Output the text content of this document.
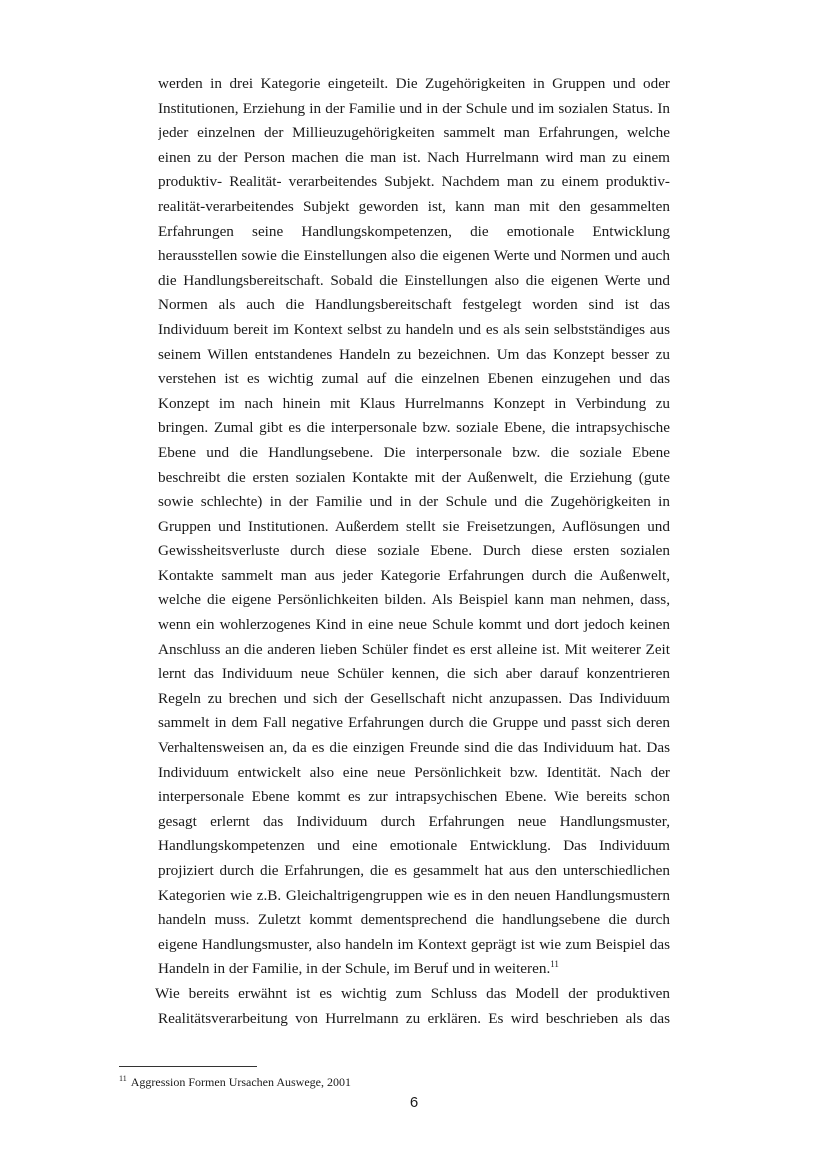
werden in drei Kategorie eingeteilt. Die Zugehörigkeiten in Gruppen und oder
Institutionen, Erziehung in der Familie und in der Schule und im sozialen Status. In
jeder einzelnen der Millieuzugehörigkeiten sammelt man Erfahrungen, welche
einen zu der Person machen die man ist. Nach Hurrelmann wird man zu einem
produktiv- Realität- verarbeitendes Subjekt. Nachdem man zu einem produktiv-
realität-verarbeitendes Subjekt geworden ist, kann man mit den gesammelten
Erfahrungen seine Handlungskompetenzen, die emotionale Entwicklung
herausstellen sowie die Einstellungen also die eigenen Werte und Normen und auch
die Handlungsbereitschaft. Sobald die Einstellungen also die eigenen Werte und
Normen als auch die Handlungsbereitschaft festgelegt worden sind ist das
Individuum bereit im Kontext selbst zu handeln und es als sein selbstständiges aus
seinem Willen entstandenes Handeln zu bezeichnen. Um das Konzept besser zu
verstehen ist es wichtig zumal auf die einzelnen Ebenen einzugehen und das
Konzept im nach hinein mit Klaus Hurrelmanns Konzept in Verbindung zu
bringen. Zumal gibt es die interpersonale bzw. soziale Ebene, die intrapsychische
Ebene und die Handlungsebene. Die interpersonale bzw. die soziale Ebene
beschreibt die ersten sozialen Kontakte mit der Außenwelt, die Erziehung (gute
sowie schlechte) in der Familie und in der Schule und die Zugehörigkeiten in
Gruppen und Institutionen. Außerdem stellt sie Freisetzungen, Auflösungen und
Gewissheitsverluste durch diese soziale Ebene. Durch diese ersten sozialen
Kontakte sammelt man aus jeder Kategorie Erfahrungen durch die Außenwelt,
welche die eigene Persönlichkeiten bilden. Als Beispiel kann man nehmen, dass,
wenn ein wohlerzogenes Kind in eine neue Schule kommt und dort jedoch keinen
Anschluss an die anderen lieben Schüler findet es erst alleine ist. Mit weiterer Zeit
lernt das Individuum neue Schüler kennen, die sich aber darauf konzentrieren
Regeln zu brechen und sich der Gesellschaft nicht anzupassen. Das Individuum
sammelt in dem Fall negative Erfahrungen durch die Gruppe und passt sich deren
Verhaltensweisen an, da es die einzigen Freunde sind die das Individuum hat. Das
Individuum entwickelt also eine neue Persönlichkeit bzw. Identität. Nach der
interpersonale Ebene kommt es zur intrapsychischen Ebene. Wie bereits schon
gesagt erlernt das Individuum durch Erfahrungen neue Handlungsmuster,
Handlungskompetenzen und eine emotionale Entwicklung. Das Individuum
projiziert durch die Erfahrungen, die es gesammelt hat aus den unterschiedlichen
Kategorien wie z.B. Gleichaltrigengruppen wie es in den neuen Handlungsmustern
handeln muss. Zuletzt kommt dementsprechend die handlungsebene die durch
eigene Handlungsmuster, also handeln im Kontext geprägt ist wie zum Beispiel das
Handeln in der Familie, in der Schule, im Beruf und in weiteren.$^{11}$
Wie bereits erwähnt ist es wichtig zum Schluss das Modell der produktiven
Realitätsverarbeitung von Hurrelmann zu erklären. Es wird beschrieben als das
$^{11}$ Aggression Formen Ursachen Auswege, 2001
6
